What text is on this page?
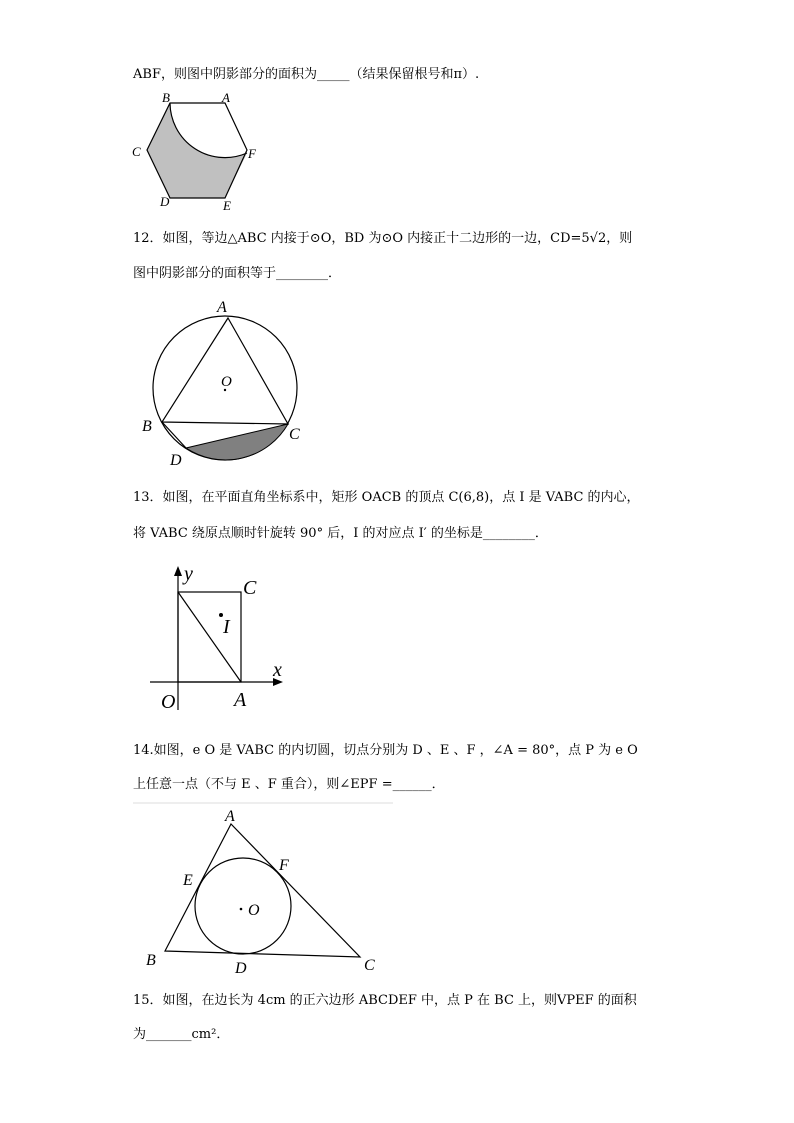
ABF，则图中阴影部分的面积为_____（结果保留根号和π）.
B	A
C	F
D	E
12．如图，等边△ABC 内接于⊙O，BD 为⊙O 内接正十二边形的一边，CD=5√2，则
图中阴影部分的面积等于________．
A
O
B	C
D
13．如图，在平面直角坐标系中，矩形 OACB 的顶点 C(6,8)，点 I 是 VABC 的内心，
将 VABC 绕原点顺时针旋转 90° 后，I 的对应点 I′ 的坐标是________．
y
C
I
x
O	A
14.如图，e O 是 VABC 的内切圆，切点分别为 D 、E 、F ，∠A = 80°，点 P 为 e O
上任意一点（不与 E 、F 重合），则∠EPF =______．
A
E
F
O
B	D	C
15．如图，在边长为 4cm 的正六边形 ABCDEF 中，点 P 在 BC 上，则VPEF 的面积
为_______cm²．
